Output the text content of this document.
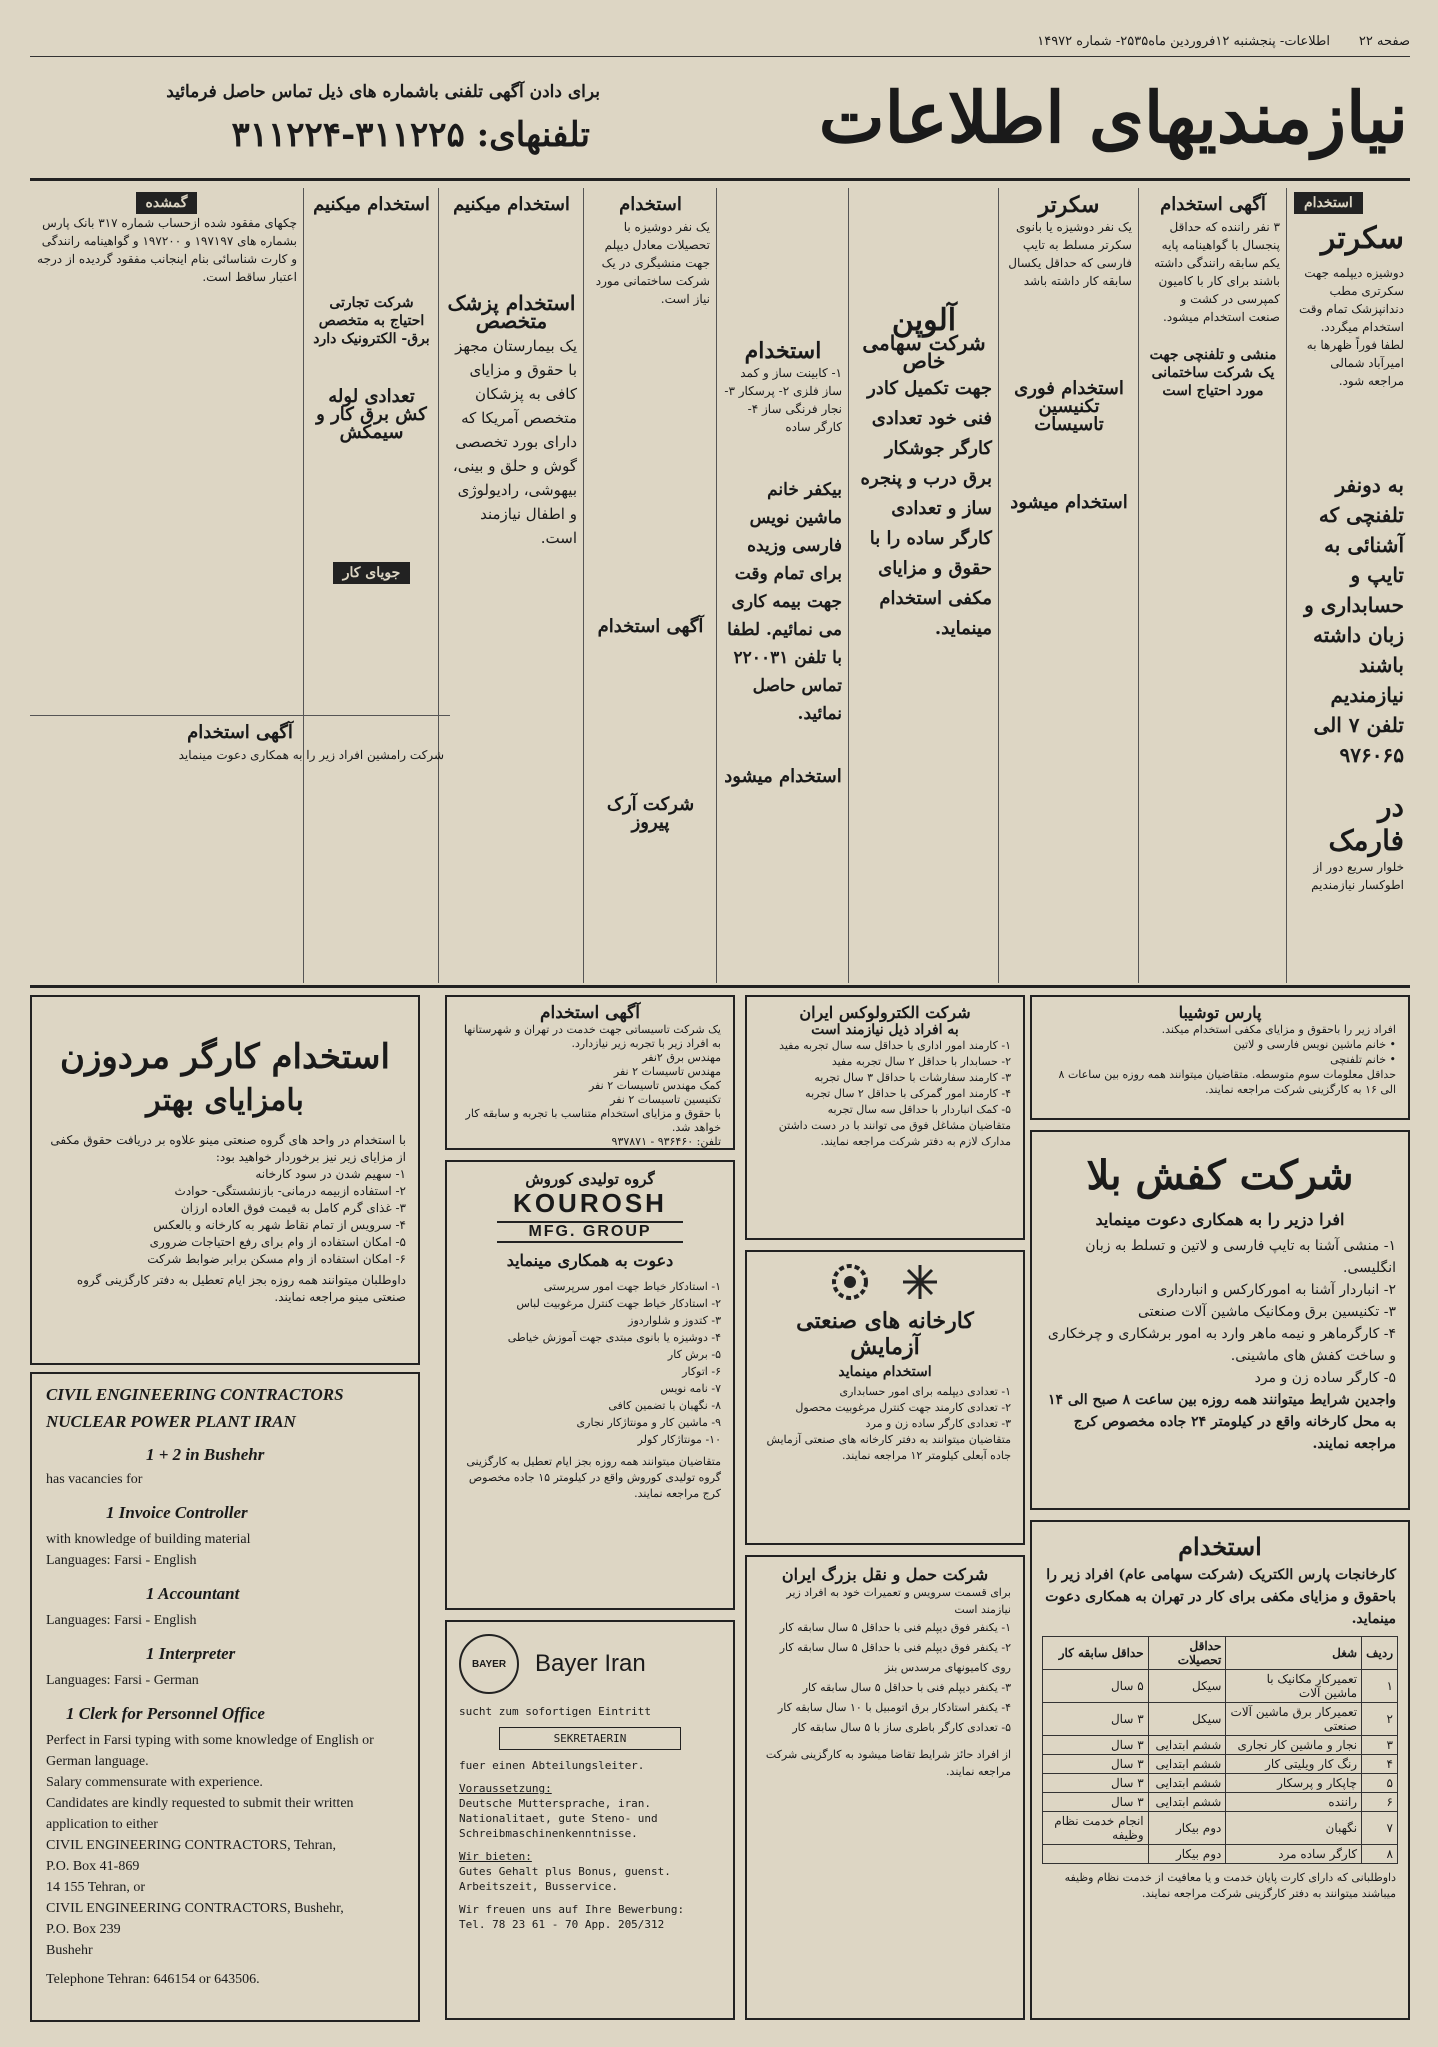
صفحه ۲۲
اطلاعات- پنجشنبه ۱۲فروردین ماه۲۵۳۵- شماره ۱۴۹۷۲
نیازمندیهای اطلاعات
برای دادن آگهی تلفنی باشماره های ذیل تماس حاصل فرمائید
تلفنهای: ۳۱۱۲۲۵-۳۱۱۲۲۴
استخدام
سکرتر
دوشیزه دیپلمه جهت سکرتری مطب دندانپزشک تمام وقت استخدام میگردد. لطفا فوراً ظهرها به امیرآباد شمالی مراجعه شود.
به دونفر تلفنچی که آشنائی به تایپ و حسابداری و زبان داشته باشند نیازمندیم تلفن ۷ الی ۹۷۶۰۶۵
در فارمک
خلوار سریع دور از اطوکسار نیازمندیم
آگهی استخدام
۳ نفر راننده که حداقل پنجسال با گواهینامه پایه یکم سابقه رانندگی داشته باشند برای کار با کامیون کمپرسی در کشت و صنعت استخدام میشود.
منشی و تلفنچی جهت یک شرکت ساختمانی مورد احتیاج است
سکرتر
یک نفر دوشیزه یا بانوی سکرتر مسلط به تایپ فارسی که حداقل یکسال سابقه کار داشته باشد
استخدام فوری تکنیسین تاسیسات
استخدام میشود
آلوپن
شرکت سهامی خاص
جهت تکمیل کادر فنی خود تعدادی کارگر جوشکار برق درب و پنجره ساز و تعدادی کارگر ساده را با حقوق و مزایای مکفی استخدام مینماید.
استخدام
۱- کابینت ساز و کمد ساز فلزی ۲- پرسکار ۳- نجار فرنگی ساز ۴- کارگر ساده
بیکفر خانم ماشین نویس فارسی وزیده برای تمام وقت جهت بیمه کاری می نمائیم. لطفا با تلفن ۲۲۰۰۳۱ تماس حاصل نمائید.
استخدام میشود
استخدام
یک نفر دوشیزه با تحصیلات معادل دیپلم جهت منشیگری در یک شرکت ساختمانی مورد نیاز است.
آگهی استخدام
شرکت آرک پیروز
استخدام میکنیم
استخدام پزشک متخصص
یک بیمارستان مجهز با حقوق و مزایای کافی به پزشکان متخصص آمریکا که دارای بورد تخصصی گوش و حلق و بینی، بیهوشی، رادیولوژی و اطفال نیازمند است.
استخدام میکنیم
شرکت تجارتی احتیاج به متخصص برق- الکترونیک دارد
تعدادی لوله کش برق کار و سیمکش
جویای کار
گمشده
چکهای مفقود شده ازحساب شماره ۳۱۷ بانک پارس بشماره های ۱۹۷۱۹۷ و ۱۹۷۲۰۰ و گواهینامه رانندگی و کارت شناسائی بنام اینجانب مفقود گردیده از درجه اعتبار ساقط است.
آگهی استخدام
شرکت رامشین افراد زیر را به همکاری دعوت مینماید
استخدام کارگر مردوزن
بامزایای بهتر
با استخدام در واحد های گروه صنعتی مینو علاوه بر دریافت حقوق مکفی از مزایای زیر نیز برخوردار خواهید بود:
۱- سهیم شدن در سود کارخانه
۲- استفاده ازبیمه درمانی- بازنشستگی- حوادث
۳- غذای گرم کامل به قیمت فوق العاده ارزان
۴- سرویس از تمام نقاط شهر به کارخانه و بالعکس
۵- امکان استفاده از وام برای رفع احتیاجات ضروری
۶- امکان استفاده از وام مسکن برابر ضوابط شرکت
داوطلبان میتوانند همه روزه بجز ایام تعطیل به دفتر کارگزینی گروه صنعتی مینو مراجعه نمایند.
CIVIL ENGINEERING CONTRACTORS
NUCLEAR POWER PLANT IRAN
1 + 2 in Bushehr
has vacancies for
1 Invoice Controller
with knowledge of building material
Languages: Farsi - English
1 Accountant
Languages: Farsi - English
1 Interpreter
Languages: Farsi - German
1 Clerk for Personnel Office
Perfect in Farsi typing with some knowledge of English or German language.
Salary commensurate with experience.
Candidates are kindly requested to submit their written application to either
CIVIL ENGINEERING CONTRACTORS, Tehran,
P.O. Box 41-869
14 155 Tehran, or
CIVIL ENGINEERING CONTRACTORS, Bushehr,
P.O. Box 239
Bushehr
Telephone Tehran: 646154 or 643506.
آگهی استخدام
یک شرکت تاسیساتی جهت خدمت در تهران و شهرستانها به افراد زیر با تجربه زیر نیازدارد.
مهندس برق ۲نفر
مهندس تاسیسات ۲ نفر
کمک مهندس تاسیسات ۲ نفر
تکنیسین تاسیسات ۲ نفر
با حقوق و مزایای استخدام متناسب با تجربه و سابقه کار خواهد شد.
تلفن: ۹۳۶۴۶۰ - ۹۳۷۸۷۱
گروه تولیدی کوروش
KOUROSH
MFG. GROUP
دعوت به همکاری مینماید
۱- استادکار خیاط جهت امور سرپرستی
۲- استادکار خیاط جهت کنترل مرغوبیت لباس
۳- کتدوز و شلواردوز
۴- دوشیزه یا بانوی مبتدی جهت آموزش خیاطی
۵- برش کار
۶- اتوکار
۷- نامه نویس
۸- نگهبان با تضمین کافی
۹- ماشین کار و مونتاژکار نجاری
۱۰- مونتاژکار کولر
متقاضیان میتوانند همه روزه بجز ایام تعطیل به کارگزینی گروه تولیدی کوروش واقع در کیلومتر ۱۵ جاده مخصوص کرج مراجعه نمایند.
BAYER	Bayer Iran
sucht zum sofortigen Eintritt
SEKRETAERIN
fuer einen Abteilungsleiter.
Voraussetzung:
Deutsche Muttersprache, iran. Nationalitaet, gute Steno- und Schreibmaschinenkenntnisse.
Wir bieten:
Gutes Gehalt plus Bonus, guenst. Arbeitszeit, Busservice.
Wir freuen uns auf Ihre Bewerbung:
Tel. 78 23 61 - 70 App. 205/312
شرکت الکترولوکس ایران
به افراد ذیل نیازمند است
۱- کارمند امور اداری با حداقل سه سال تجربه مفید
۲- حسابدار با حداقل ۲ سال تجربه مفید
۳- کارمند سفارشات با حداقل ۳ سال تجربه
۴- کارمند امور گمرکی با حداقل ۲ سال تجربه
۵- کمک انباردار با حداقل سه سال تجربه
متقاضیان مشاغل فوق می توانند با در دست داشتن مدارک لازم به دفتر شرکت مراجعه نمایند.
کارخانه های صنعتی
آزمایش
استخدام مینماید
۱- تعدادی دیپلمه برای امور حسابداری
۲- تعدادی کارمند جهت کنترل مرغوبیت محصول
۳- تعدادی کارگر ساده زن و مرد
متقاضیان میتوانند به دفتر کارخانه های صنعتی آزمایش جاده آبعلی کیلومتر ۱۲ مراجعه نمایند.
شرکت حمل و نقل بزرگ ایران
برای قسمت سرویس و تعمیرات خود به افراد زیر نیازمند است
۱- یکنفر فوق دیپلم فنی با حداقل ۵ سال سابقه کار
۲- یکنفر فوق دیپلم فنی با حداقل ۵ سال سابقه کار روی کامیونهای مرسدس بنز
۳- یکنفر دیپلم فنی با حداقل ۵ سال سابقه کار
۴- یکنفر استادکار برق اتومبیل با ۱۰ سال سابقه کار
۵- تعدادی کارگر باطری ساز با ۵ سال سابقه کار
از افراد حائز شرایط تقاضا میشود به کارگزینی شرکت مراجعه نمایند.
پارس توشیبا
افراد زیر را باحقوق و مزایای مکفی استخدام میکند.
• خانم ماشین نویس فارسی و لاتین
• خانم تلفنچی
حداقل معلومات سوم متوسطه. متقاضیان میتوانند همه روزه بین ساعات ۸ الی ۱۶ به کارگزینی شرکت مراجعه نمایند.
شرکت کفش بلا
افرا دزیر را به همکاری دعوت مینماید
۱- منشی آشنا به تایپ فارسی و لاتین و تسلط به زبان انگلیسی.
۲- انباردار آشنا به امورکارکس و انبارداری
۳- تکنیسین برق ومکانیک ماشین آلات صنعتی
۴- کارگرماهر و نیمه ماهر وارد به امور برشکاری و چرخکاری و ساخت کفش های ماشینی.
۵- کارگر ساده زن و مرد
واجدین شرایط میتوانند همه روزه بین ساعت ۸ صبح الی ۱۴ به محل کارخانه واقع در کیلومتر ۲۴ جاده مخصوص کرج مراجعه نمایند.
استخدام
کارخانجات پارس الکتریک (شرکت سهامی عام) افراد زیر را باحقوق و مزایای مکفی برای کار در تهران به همکاری دعوت مینماید.
ردیف	شغل	حداقل تحصیلات	حداقل سابقه کار
۱	تعمیرکار مکانیک با ماشین آلات	سیکل	۵ سال
۲	تعمیرکار برق ماشین آلات صنعتی	سیکل	۳ سال
۳	نجار و ماشین کار نجاری	ششم ابتدایی	۳ سال
۴	رنگ کار ویلیتی کار	ششم ابتدایی	۳ سال
۵	چاپکار و پرسکار	ششم ابتدایی	۳ سال
۶	راننده	ششم ابتدایی	۳ سال
۷	نگهبان	دوم بیکار	انجام خدمت نظام وظیفه
۸	کارگر ساده مرد	دوم بیکار	
داوطلبانی که دارای کارت پایان خدمت و یا معافیت از خدمت نظام وظیفه میباشند میتوانند به دفتر کارگزینی شرکت مراجعه نمایند.
